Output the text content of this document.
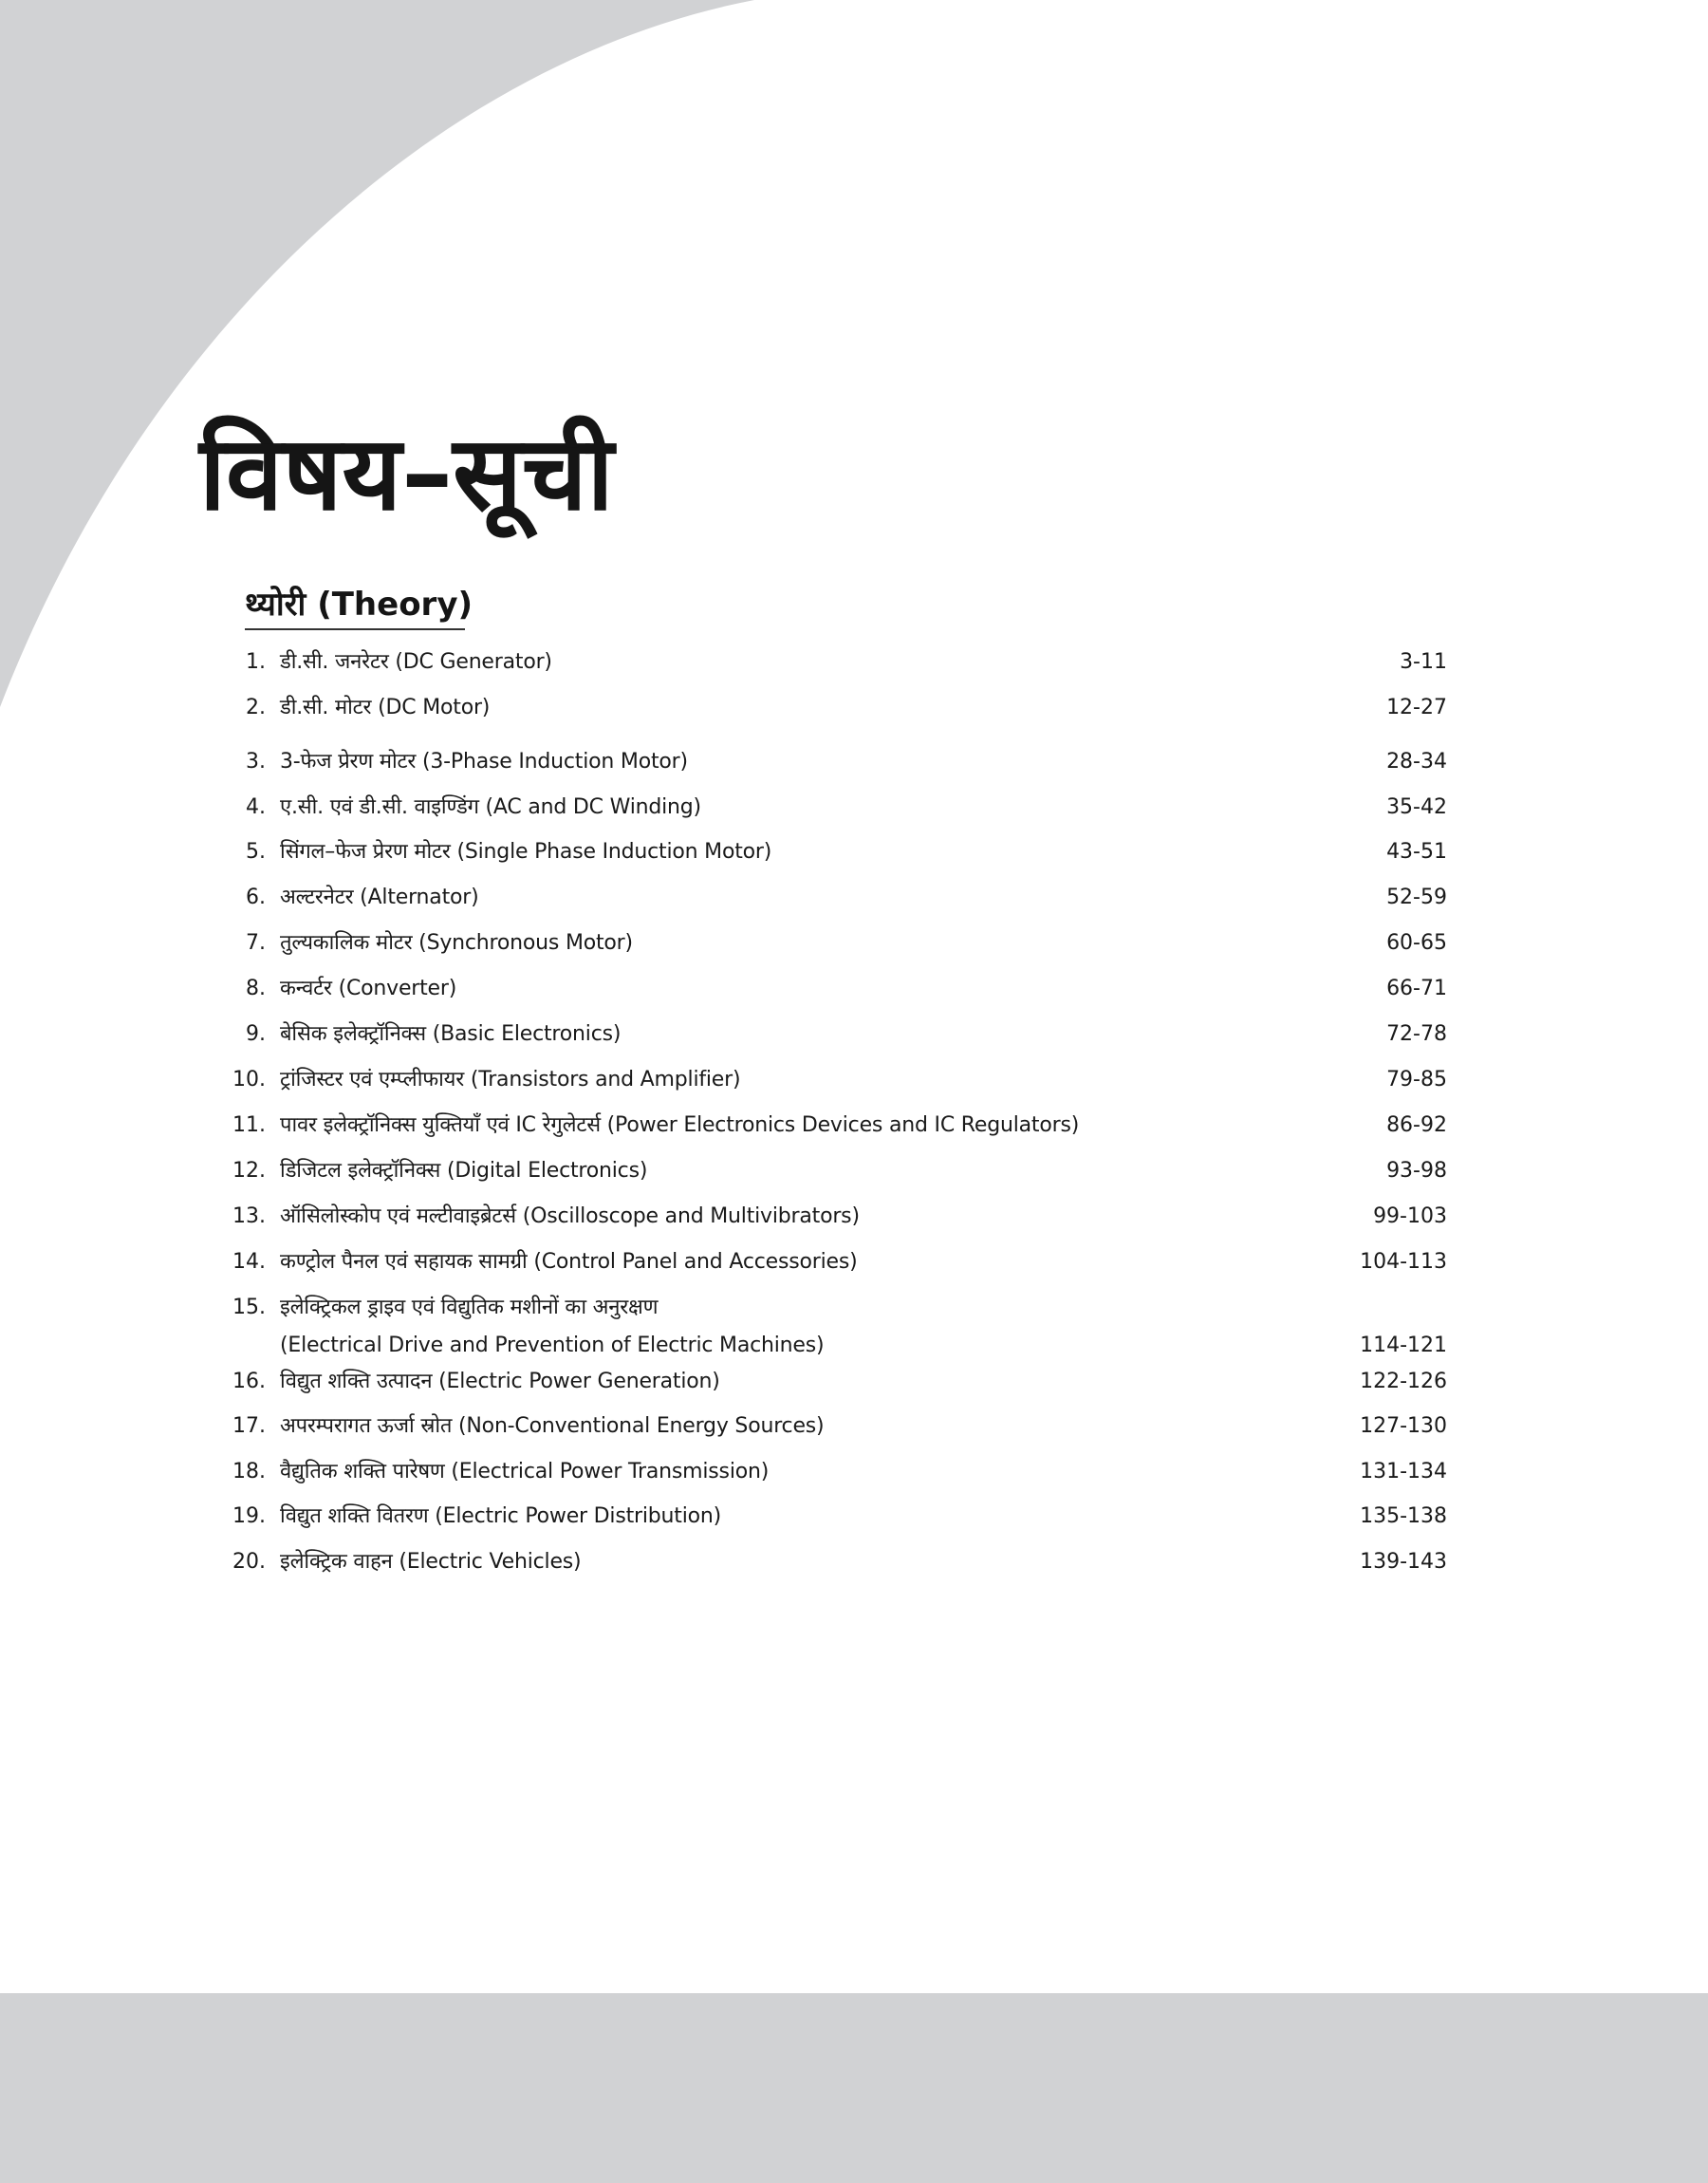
विषय–सूची
थ्योरी (Theory)
1. डी.सी. जनरेटर (DC Generator)	3-11
2. डी.सी. मोटर (DC Motor)	12-27
3. 3-फेज प्रेरण मोटर (3-Phase Induction Motor)	28-34
4. ए.सी. एवं डी.सी. वाइण्डिंग (AC and DC Winding)	35-42
5. सिंगल–फेज प्रेरण मोटर (Single Phase Induction Motor)	43-51
6. अल्टरनेटर (Alternator)	52-59
7. तुल्यकालिक मोटर (Synchronous Motor)	60-65
8. कन्वर्टर (Converter)	66-71
9. बेसिक इलेक्ट्रॉनिक्स (Basic Electronics)	72-78
10. ट्रांजिस्टर एवं एम्प्लीफायर (Transistors and Amplifier)	79-85
11. पावर इलेक्ट्रॉनिक्स युक्तियाँ एवं IC रेगुलेटर्स (Power Electronics Devices and IC Regulators)	86-92
12. डिजिटल इलेक्ट्रॉनिक्स (Digital Electronics)	93-98
13. ऑसिलोस्कोप एवं मल्टीवाइब्रेटर्स (Oscilloscope and Multivibrators)	99-103
14. कण्ट्रोल पैनल एवं सहायक सामग्री (Control Panel and Accessories)	104-113
15. इलेक्ट्रिकल ड्राइव एवं विद्युतिक मशीनों का अनुरक्षण
(Electrical Drive and Prevention of Electric Machines)	114-121
16. विद्युत शक्ति उत्पादन (Electric Power Generation)	122-126
17. अपरम्परागत ऊर्जा स्रोत (Non-Conventional Energy Sources)	127-130
18. वैद्युतिक शक्ति पारेषण (Electrical Power Transmission)	131-134
19. विद्युत शक्ति वितरण (Electric Power Distribution)	135-138
20. इलेक्ट्रिक वाहन (Electric Vehicles)	139-143
